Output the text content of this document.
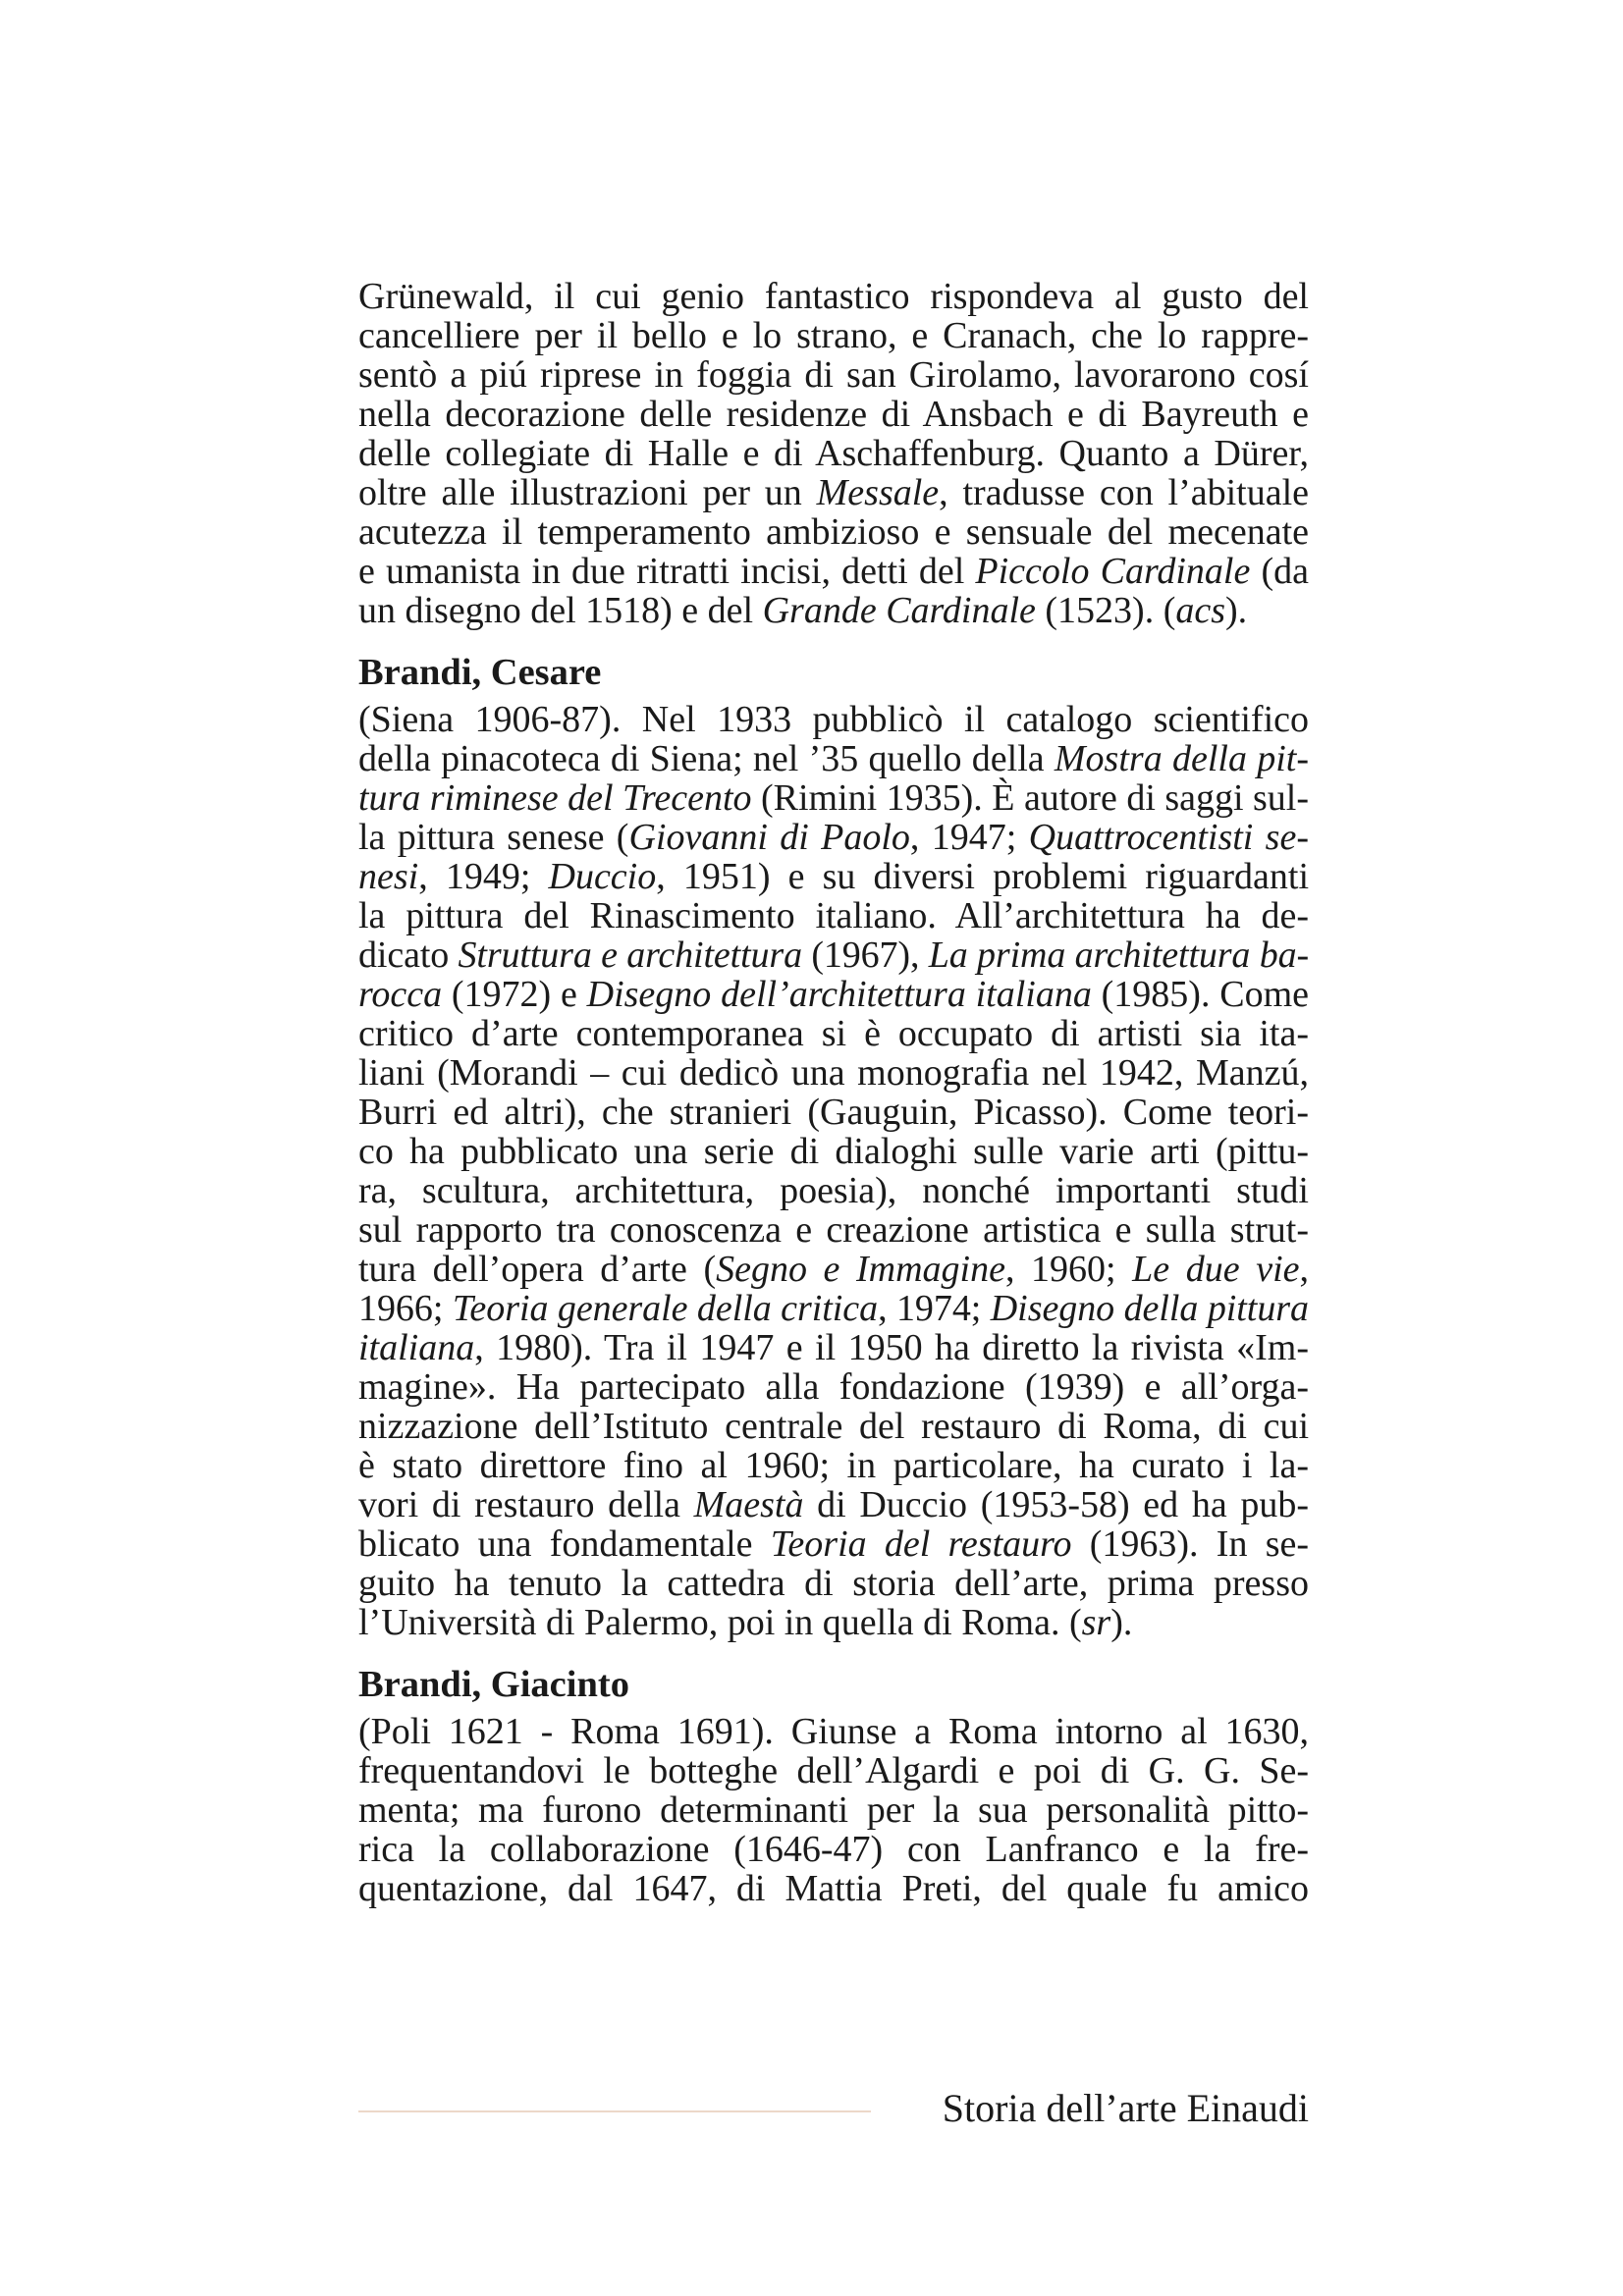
Grünewald, il cui genio fantastico rispondeva al gusto del
cancelliere per il bello e lo strano, e Cranach, che lo rappre-
sentò a piú riprese in foggia di san Girolamo, lavorarono cosí
nella decorazione delle residenze di Ansbach e di Bayreuth e
delle collegiate di Halle e di Aschaffenburg. Quanto a Dürer,
oltre alle illustrazioni per un Messale, tradusse con l’abituale
acutezza il temperamento ambizioso e sensuale del mecenate
e umanista in due ritratti incisi, detti del Piccolo Cardinale (da
un disegno del 1518) e del Grande Cardinale (1523). (acs).
Brandi, Cesare
(Siena 1906-87). Nel 1933 pubblicò il catalogo scientifico
della pinacoteca di Siena; nel ’35 quello della Mostra della pit-
tura riminese del Trecento (Rimini 1935). È autore di saggi sul-
la pittura senese (Giovanni di Paolo, 1947; Quattrocentisti se-
nesi, 1949; Duccio, 1951) e su diversi problemi riguardanti
la pittura del Rinascimento italiano. All’architettura ha de-
dicato Struttura e architettura (1967), La prima architettura ba-
rocca (1972) e Disegno dell’architettura italiana (1985). Come
critico d’arte contemporanea si è occupato di artisti sia ita-
liani (Morandi – cui dedicò una monografia nel 1942, Manzú,
Burri ed altri), che stranieri (Gauguin, Picasso). Come teori-
co ha pubblicato una serie di dialoghi sulle varie arti (pittu-
ra, scultura, architettura, poesia), nonché importanti studi
sul rapporto tra conoscenza e creazione artistica e sulla strut-
tura dell’opera d’arte (Segno e Immagine, 1960; Le due vie,
1966; Teoria generale della critica, 1974; Disegno della pittura
italiana, 1980). Tra il 1947 e il 1950 ha diretto la rivista «Im-
magine». Ha partecipato alla fondazione (1939) e all’orga-
nizzazione dell’Istituto centrale del restauro di Roma, di cui
è stato direttore fino al 1960; in particolare, ha curato i la-
vori di restauro della Maestà di Duccio (1953-58) ed ha pub-
blicato una fondamentale Teoria del restauro (1963). In se-
guito ha tenuto la cattedra di storia dell’arte, prima presso
l’Università di Palermo, poi in quella di Roma. (sr).
Brandi, Giacinto
(Poli 1621 - Roma 1691). Giunse a Roma intorno al 1630,
frequentandovi le botteghe dell’Algardi e poi di G. G. Se-
menta; ma furono determinanti per la sua personalità pitto-
rica la collaborazione (1646-47) con Lanfranco e la fre-
quentazione, dal 1647, di Mattia Preti, del quale fu amico
Storia dell’arte Einaudi
